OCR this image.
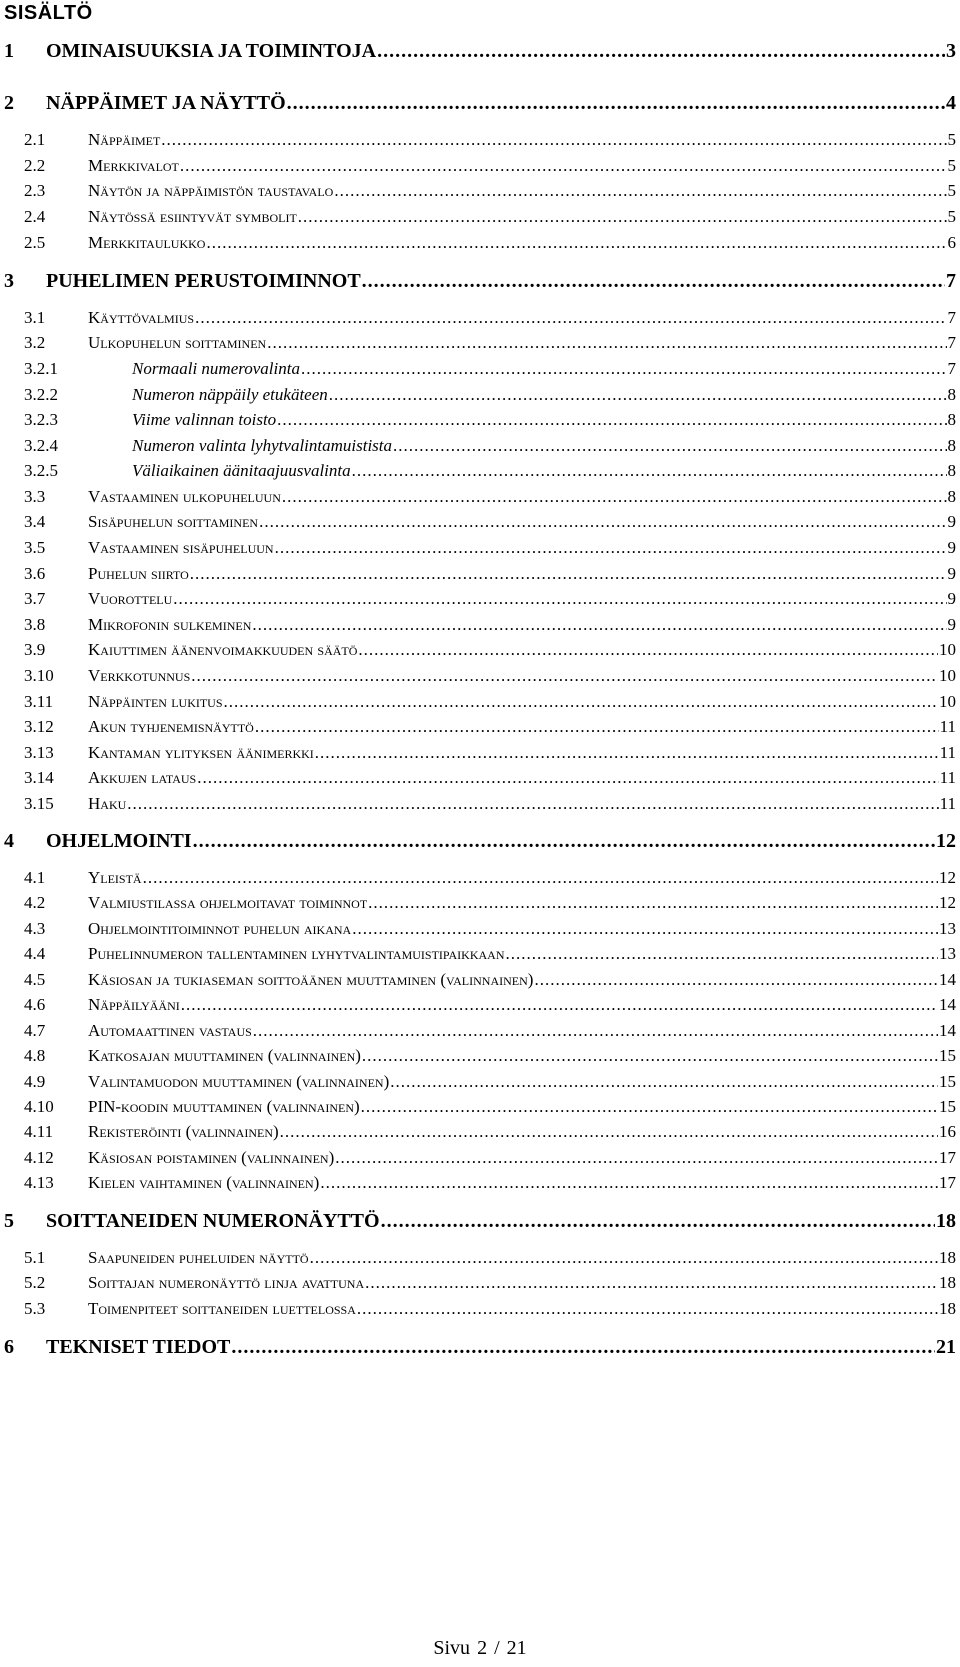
SISÄLTÖ
1	OMINAISUUKSIA JA TOIMINTOJA .....	3
2	NÄPPÄIMET JA NÄYTTÖ .....	4
2.1	Näppäimet .....	5
2.2	Merkkivalot .....	5
2.3	Näytön ja näppäimistön taustavalo .....	5
2.4	Näytössä esiintyvät symbolit .....	5
2.5	Merkkitaulukko .....	6
3	PUHELIMEN PERUSTOIMINNOT .....	7
3.1	Käyttövalmius .....	7
3.2	Ulkopuhelun soittaminen .....	7
3.2.1	Normaali numerovalinta .....	7
3.2.2	Numeron näppäily etukäteen .....	8
3.2.3	Viime valinnan toisto .....	8
3.2.4	Numeron valinta lyhytvalintamuistista .....	8
3.2.5	Väliaikainen äänitaajuusvalinta .....	8
3.3	Vastaaminen ulkopuheluun .....	8
3.4	Sisäpuhelun soittaminen .....	9
3.5	Vastaaminen sisäpuheluun .....	9
3.6	Puhelun siirto .....	9
3.7	Vuorottelu .....	9
3.8	Mikrofonin sulkeminen .....	9
3.9	Kaiuttimen äänenvoimakkuuden säätö .....	10
3.10	Verkkotunnus .....	10
3.11	Näppäinten lukitus .....	10
3.12	Akun tyhjenemisnäyttö .....	11
3.13	Kantaman ylityksen äänimerkki .....	11
3.14	Akkujen lataus .....	11
3.15	Haku .....	11
4	OHJELMOINTI .....	12
4.1	Yleistä .....	12
4.2	Valmiustilassa ohjelmoitavat toiminnot .....	12
4.3	Ohjelmointitoiminnot puhelun aikana .....	13
4.4	Puhelinnumeron tallentaminen lyhytvalintamuistipaikkaan .....	13
4.5	Käsiosan ja tukiaseman soittoäänen muuttaminen (valinnainen) .....	14
4.6	Näppäilyääni .....	14
4.7	Automaattinen vastaus .....	14
4.8	Katkosajan muuttaminen (valinnainen) .....	15
4.9	Valintamuodon muuttaminen (valinnainen) .....	15
4.10	PIN-koodin muuttaminen (valinnainen) .....	15
4.11	Rekisteröinti (valinnainen) .....	16
4.12	Käsiosan poistaminen (valinnainen) .....	17
4.13	Kielen vaihtaminen (valinnainen) .....	17
5	SOITTANEIDEN NUMERONÄYTTÖ .....	18
5.1	Saapuneiden puheluiden näyttö .....	18
5.2	Soittajan numeronäyttö linja avattuna .....	18
5.3	Toimenpiteet soittaneiden luettelossa .....	18
6	TEKNISET TIEDOT .....	21
Sivu 2 / 21
